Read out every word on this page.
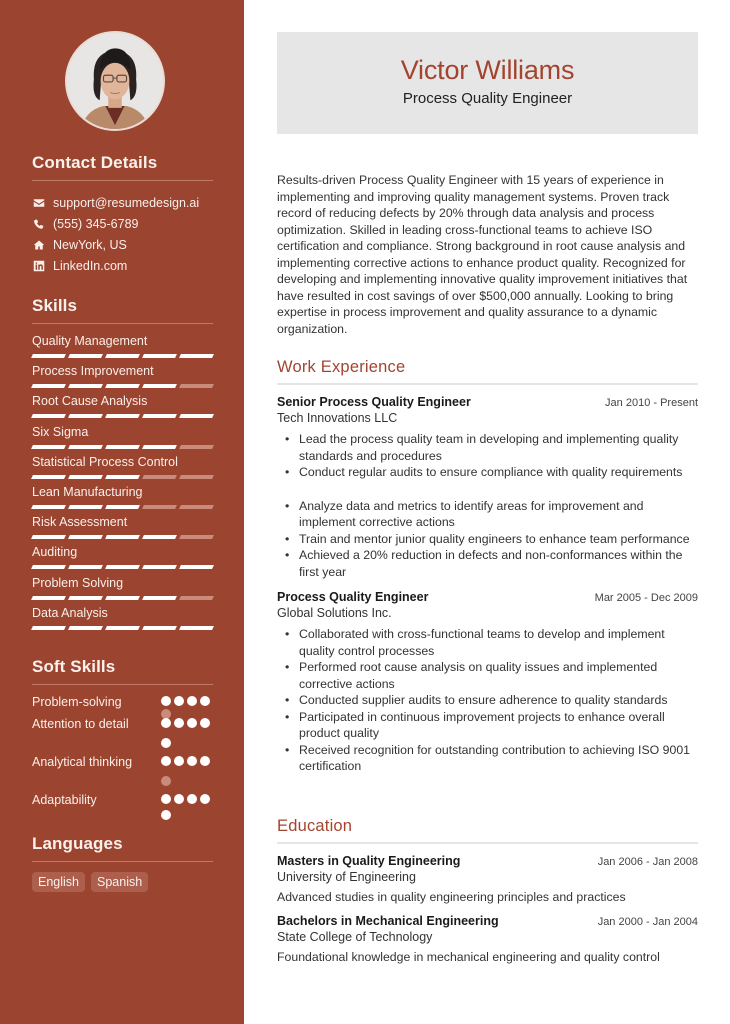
Contact Details
support@resumedesign.ai
(555) 345-6789
NewYork, US
LinkedIn.com
Skills
Quality Management
Process Improvement
Root Cause Analysis
Six Sigma
Statistical Process Control
Lean Manufacturing
Risk Assessment
Auditing
Problem Solving
Data Analysis
Soft Skills
Problem-solving
Attention to detail
Analytical thinking
Adaptability
Languages
English	Spanish
Victor Williams
Process Quality Engineer

Results-driven Process Quality Engineer with 15 years of experience in implementing and improving quality management systems. Proven track record of reducing defects by 20% through data analysis and process optimization. Skilled in leading cross-functional teams to achieve ISO certification and compliance. Strong background in root cause analysis and implementing corrective actions to enhance product quality. Recognized for developing and implementing innovative quality improvement initiatives that have resulted in cost savings of over $500,000 annually. Looking to bring expertise in process improvement and quality assurance to a dynamic organization.

Work Experience
Senior Process Quality Engineer	Jan 2010 - Present
Tech Innovations LLC
• Lead the process quality team in developing and implementing quality standards and procedures
• Conduct regular audits to ensure compliance with quality requirements
• Analyze data and metrics to identify areas for improvement and implement corrective actions
• Train and mentor junior quality engineers to enhance team performance
• Achieved a 20% reduction in defects and non-conformances within the first year
Process Quality Engineer	Mar 2005 - Dec 2009
Global Solutions Inc.
• Collaborated with cross-functional teams to develop and implement quality control processes
• Performed root cause analysis on quality issues and implemented corrective actions
• Conducted supplier audits to ensure adherence to quality standards
• Participated in continuous improvement projects to enhance overall product quality
• Received recognition for outstanding contribution to achieving ISO 9001 certification
Education
Masters in Quality Engineering	Jan 2006 - Jan 2008
University of Engineering
Advanced studies in quality engineering principles and practices
Bachelors in Mechanical Engineering	Jan 2000 - Jan 2004
State College of Technology
Foundational knowledge in mechanical engineering and quality control
